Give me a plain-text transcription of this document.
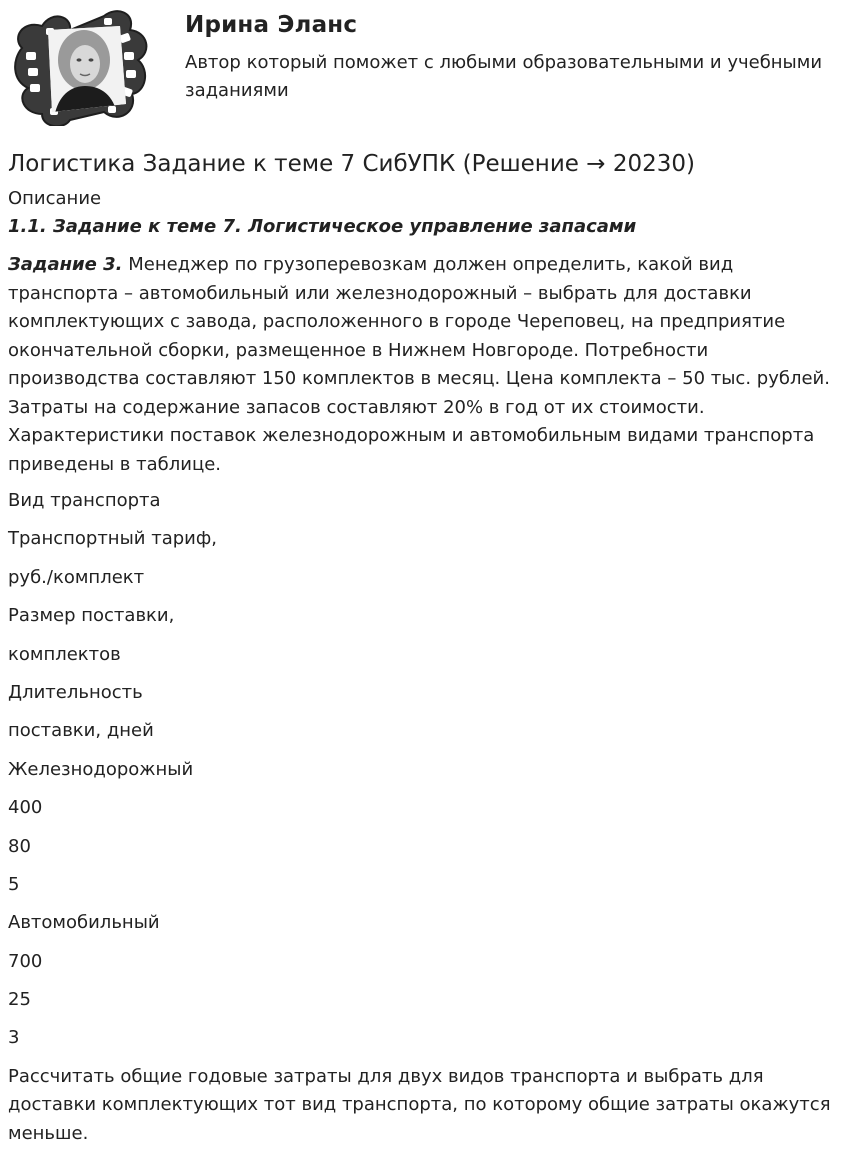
Ирина Эланс
Автор который поможет с любыми образовательными и учебными заданиями
Логистика Задание к теме 7 СибУПК (Решение → 20230)
Описание
1.1. Задание к теме 7. Логистическое управление запасами

Задание 3. Менеджер по грузоперевозкам должен определить, какой вид транспорта – автомобильный или железнодорожный – выбрать для доставки комплектующих с завода, расположенного в городе Череповец, на предприятие окончательной сборки, размещенное в Нижнем Новгороде. Потребности производства составляют 150 комплектов в месяц. Цена комплекта – 50 тыс. рублей. Затраты на содержание запасов составляют 20% в год от их стоимости. Характеристики поставок железнодорожным и автомобильным видами транспорта приведены в таблице.

Вид транспорта
Транспортный тариф,
руб./комплект
Размер поставки,
комплектов
Длительность
поставки, дней
Железнодорожный
400
80
5
Автомобильный
700
25
3

Рассчитать общие годовые затраты для двух видов транспорта и выбрать для доставки комплектующих тот вид транспорта, по которому общие затраты окажутся меньше.
